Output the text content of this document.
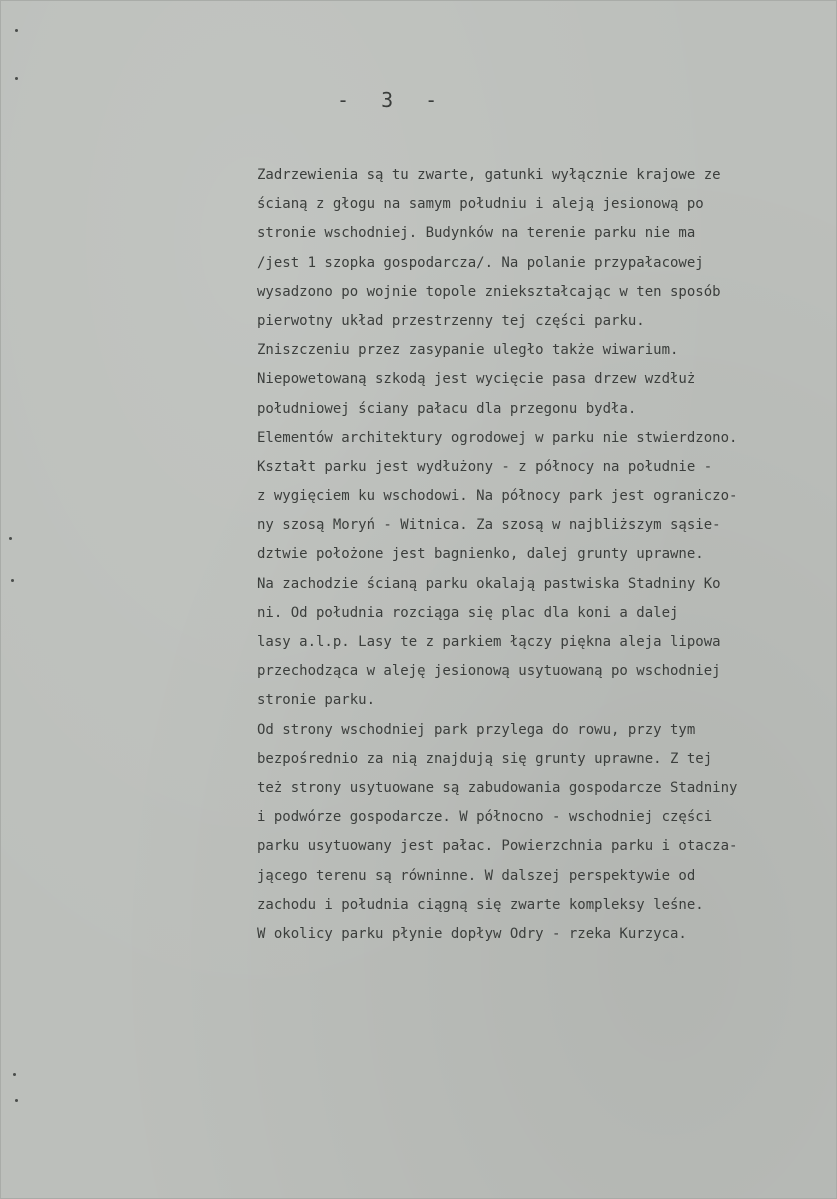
- 3 -
Zadrzewienia są tu zwarte, gatunki wyłącznie krajowe ze
ścianą z głogu na samym południu i aleją jesionową po
stronie wschodniej. Budynków na terenie parku nie ma
/jest 1 szopka gospodarcza/. Na polanie przypałacowej
wysadzono po wojnie topole zniekształcając w ten sposób
pierwotny układ przestrzenny tej części parku.
Zniszczeniu przez zasypanie uległo także wiwarium.
Niepowetowaną szkodą jest wycięcie pasa drzew wzdłuż
południowej ściany pałacu dla przegonu bydła.
Elementów architektury ogrodowej w parku nie stwierdzono.
Kształt parku jest wydłużony - z północy na południe -
z wygięciem ku wschodowi. Na północy park jest ograniczo-
ny szosą Moryń - Witnica. Za szosą w najbliższym sąsie-
dztwie położone jest bagnienko, dalej grunty uprawne.
Na zachodzie ścianą parku okalają pastwiska Stadniny Ko
ni. Od południa rozciąga się plac dla koni a dalej
lasy a.l.p. Lasy te z parkiem łączy piękna aleja lipowa
przechodząca w aleję jesionową usytuowaną po wschodniej
stronie parku.
Od strony wschodniej park przylega do rowu, przy tym
bezpośrednio za nią znajdują się grunty uprawne. Z tej
też strony usytuowane są zabudowania gospodarcze Stadniny
i podwórze gospodarcze. W północno - wschodniej części
parku usytuowany jest pałac. Powierzchnia parku i otacza-
jącego terenu są równinne. W dalszej perspektywie od
zachodu i południa ciągną się zwarte kompleksy leśne.
W okolicy parku płynie dopływ Odry - rzeka Kurzyca.
